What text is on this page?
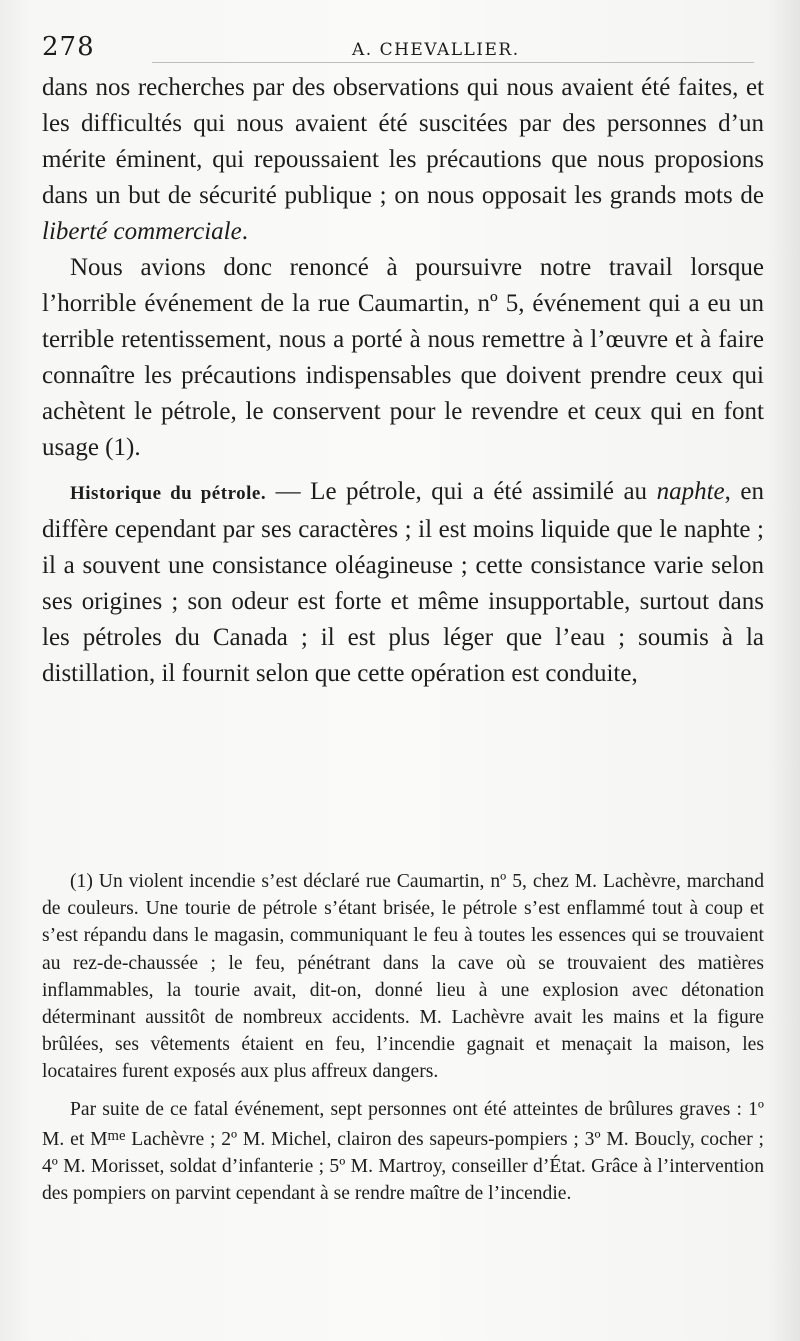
278	A. CHEVALLIER.

dans nos recherches par des observations qui nous avaient été faites, et les difficultés qui nous avaient été suscitées par des personnes d’un mérite éminent, qui repoussaient les précautions que nous proposions dans un but de sécurité publique ; on nous opposait les grands mots de liberté commerciale.

Nous avions donc renoncé à poursuivre notre travail lorsque l’horrible événement de la rue Caumartin, nº 5, événement qui a eu un terrible retentissement, nous a porté à nous remettre à l’œuvre et à faire connaître les précautions indispensables que doivent prendre ceux qui achètent le pétrole, le conservent pour le revendre et ceux qui en font usage (1).

Historique du pétrole. — Le pétrole, qui a été assimilé au naphte, en diffère cependant par ses caractères ; il est moins liquide que le naphte ; il a souvent une consistance oléagineuse ; cette consistance varie selon ses origines ; son odeur est forte et même insupportable, surtout dans les pétroles du Canada ; il est plus léger que l’eau ; soumis à la distillation, il fournit selon que cette opération est conduite,

(1) Un violent incendie s’est déclaré rue Caumartin, nº 5, chez M. Lachèvre, marchand de couleurs. Une tourie de pétrole s’étant brisée, le pétrole s’est enflammé tout à coup et s’est répandu dans le magasin, communiquant le feu à toutes les essences qui se trouvaient au rez-de-chaussée ; le feu, pénétrant dans la cave où se trouvaient des matières inflammables, la tourie avait, dit-on, donné lieu à une explosion avec détonation déterminant aussitôt de nombreux accidents. M. Lachèvre avait les mains et la figure brûlées, ses vêtements étaient en feu, l’incendie gagnait et menaçait la maison, les locataires furent exposés aux plus affreux dangers.

Par suite de ce fatal événement, sept personnes ont été atteintes de brûlures graves : 1º M. et $M^{me}$ Lachèvre ; 2º M. Michel, clairon des sapeurs-pompiers ; 3º M. Boucly, cocher ; 4º M. Morisset, soldat d’infanterie ; 5º M. Martroy, conseiller d’État. Grâce à l’intervention des pompiers on parvint cependant à se rendre maître de l’incendie.
